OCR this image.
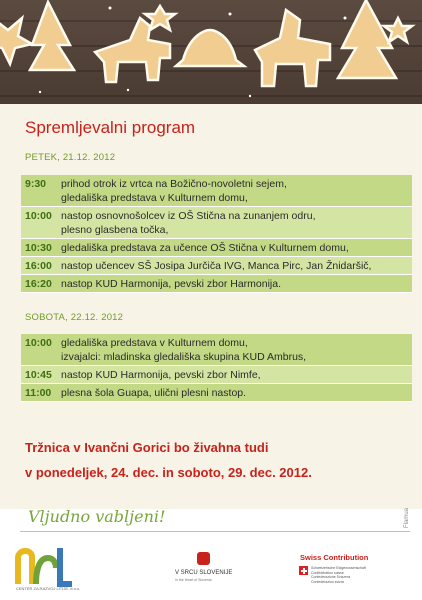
Spremljevalni program
PETEK, 21.12. 2012
9:30 prihod otrok iz vrtca na Božično-novoletni sejem,
gledališka predstava v Kulturnem domu,
10:00 nastop osnovnošolcev iz OŠ Stična na zunanjem odru,
plesno glasbena točka,
10:30 gledališka predstava za učence OŠ Stična v Kulturnem domu,
16:00 nastop učencev SŠ Josipa Jurčiča IVG, Manca Pirc, Jan Žnidaršič,
16:20 nastop KUD Harmonija, pevski zbor Harmonija.
SOBOTA, 22.12. 2012
10:00 gledališka predstava v Kulturnem domu,
izvajalci: mladinska gledališka skupina KUD Ambrus,
10:45 nastop KUD Harmonija, pevski zbor Nimfe,
11:00 plesna šola Guapa, ulični plesni nastop.
Tržnica v Ivančni Gorici bo živahna tudi
v ponedeljek, 24. dec. in soboto, 29. dec. 2012.
Vljudno vabljeni!	Flamua
CENTER ZA RAZVOJ LITIJE, d.o.o.
V SRCU SLOVENIJE
In the Heart of Slovenia
Swiss Contribution
Schweizerische Eidgenossenschaft
Confédération suisse
Confederazione Svizzera
Confederaziun svizra
